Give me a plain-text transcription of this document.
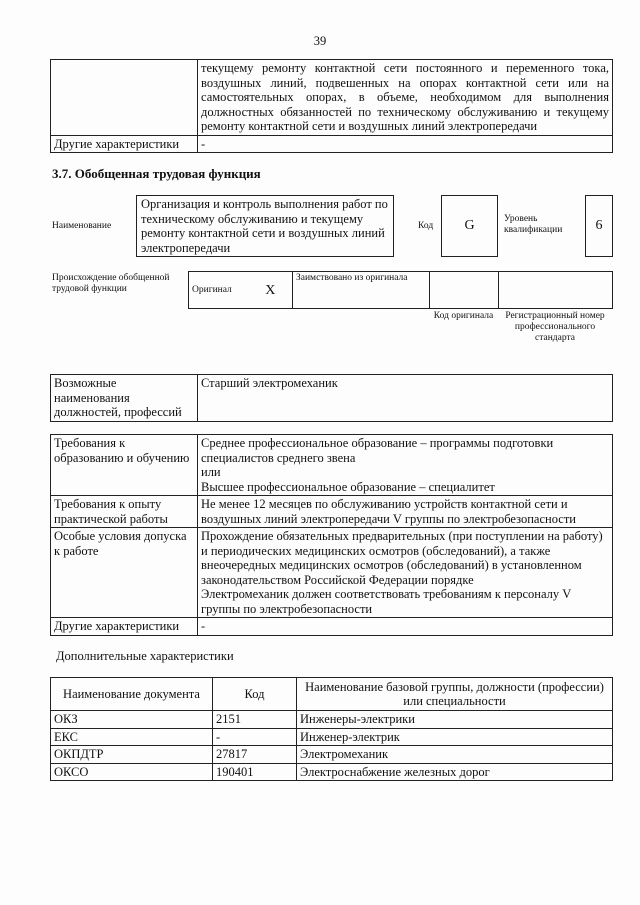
39
	текущему ремонту контактной сети постоянного и переменного тока, воздушных линий, подвешенных на опорах контактной сети или на самостоятельных опорах, в объеме, необходимом для выполнения должностных обязанностей по техническому обслуживанию и текущему ремонту контактной сети и воздушных линий электропередачи
Другие характеристики	-
3.7. Обобщенная трудовая функция
Наименование
Организация и контроль выполнения работ по техническому обслуживанию и текущему ремонту контактной сети и воздушных линий электропередачи
Код	G	Уровень квалификации	6
Происхождение обобщенной трудовой функции	Оригинал	X	Заимствовано из оригинала		
Код оригинала	Регистрационный номер профессионального стандарта
Возможные наименования должностей, профессий	Старший электромеханик
Требования к образованию и обучению	Среднее профессиональное образование – программы подготовки специалистов среднего звена
или
Высшее профессиональное образование – специалитет

Требования к опыту практической работы	Не менее 12 месяцев по обслуживанию устройств контактной сети и воздушных линий электропередачи V группы по электробезопасности

Особые условия допуска к работе	Прохождение обязательных предварительных (при поступлении на работу) и периодических медицинских осмотров (обследований), а также внеочередных медицинских осмотров (обследований) в установленном законодательством Российской Федерации порядке
Электромеханик должен соответствовать требованиям к персоналу V группы по электробезопасности

Другие характеристики	-
Дополнительные характеристики
Наименование документа	Код	Наименование базовой группы, должности (профессии) или специальности
ОКЗ	2151	Инженеры-электрики
ЕКС	-	Инженер-электрик
ОКПДТР	27817	Электромеханик
ОКСО	190401	Электроснабжение железных дорог
